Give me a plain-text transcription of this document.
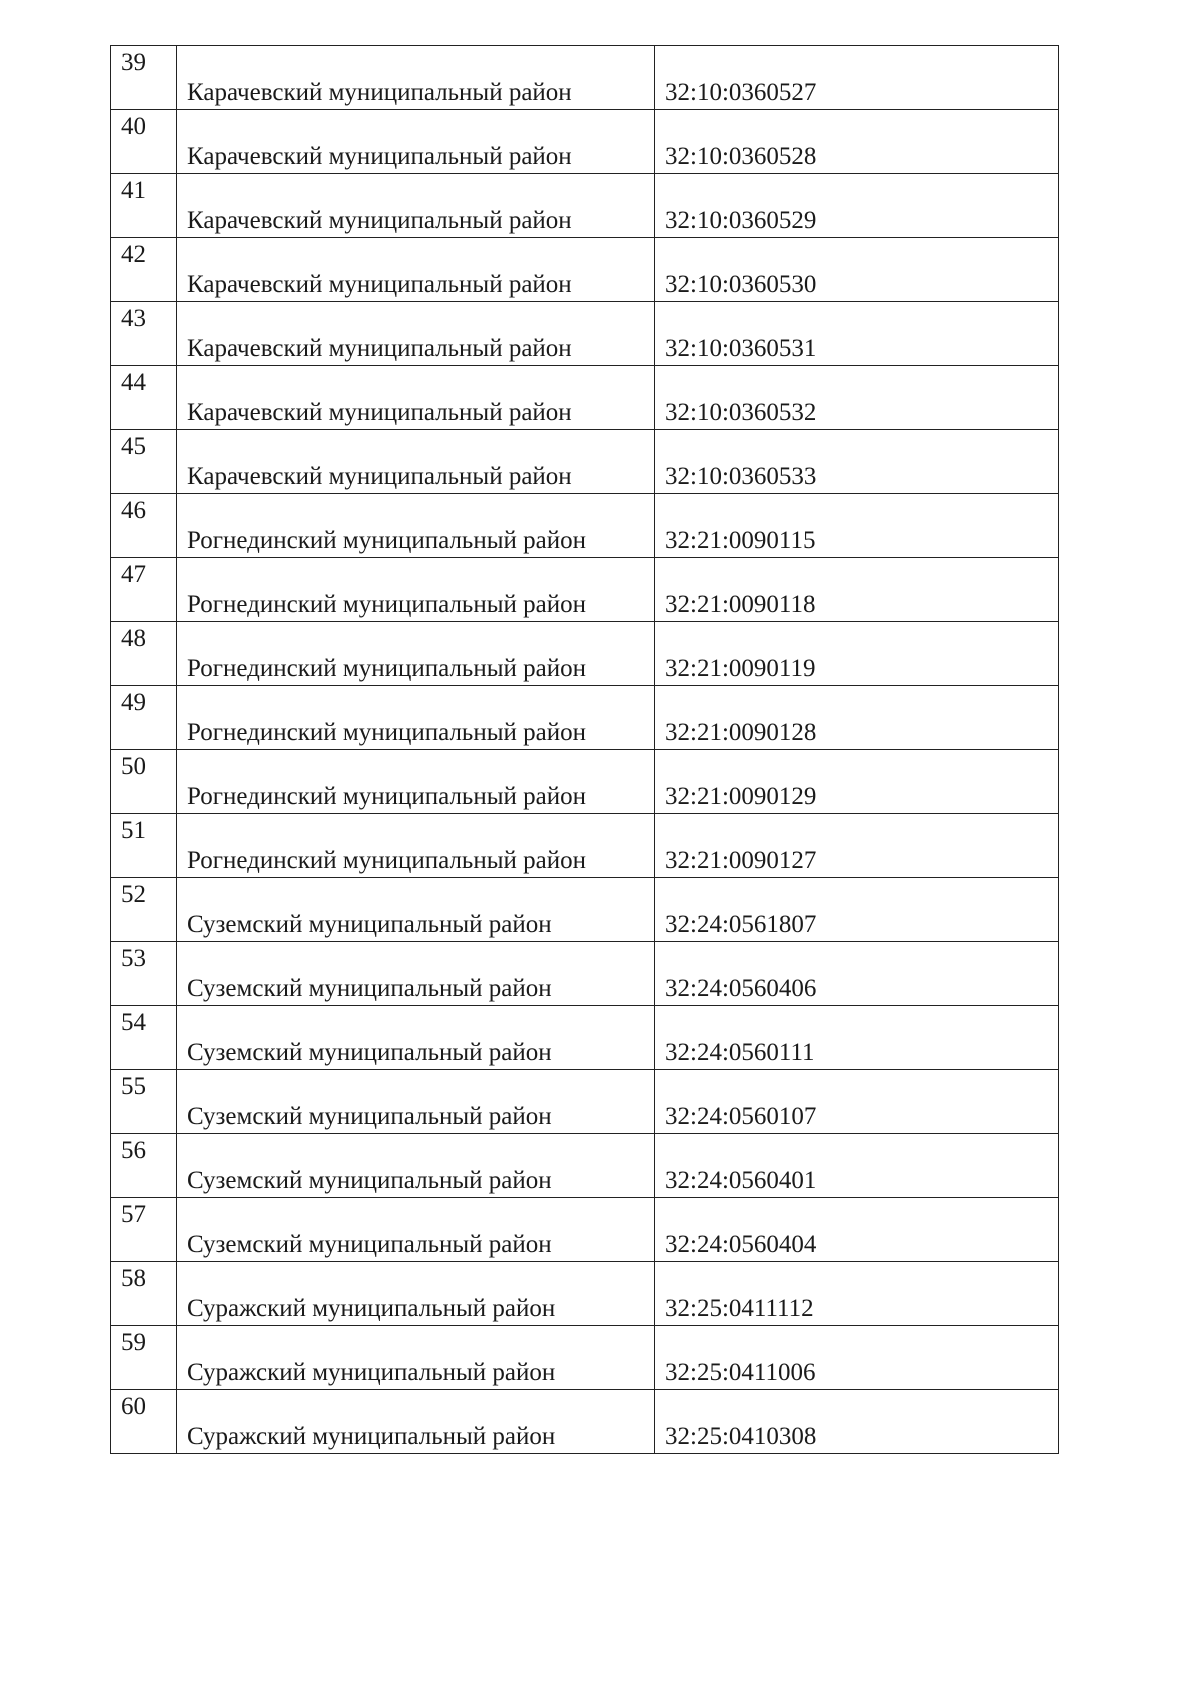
39	Карачевский муниципальный район	32:10:0360527

40	Карачевский муниципальный район	32:10:0360528

41	Карачевский муниципальный район	32:10:0360529

42	Карачевский муниципальный район	32:10:0360530

43	Карачевский муниципальный район	32:10:0360531

44	Карачевский муниципальный район	32:10:0360532

45	Карачевский муниципальный район	32:10:0360533

46	Рогнединский муниципальный район	32:21:0090115

47	Рогнединский муниципальный район	32:21:0090118

48	Рогнединский муниципальный район	32:21:0090119

49	Рогнединский муниципальный район	32:21:0090128

50	Рогнединский муниципальный район	32:21:0090129

51	Рогнединский муниципальный район	32:21:0090127

52	Суземский муниципальный район	32:24:0561807

53	Суземский муниципальный район	32:24:0560406

54	Суземский муниципальный район	32:24:0560111

55	Суземский муниципальный район	32:24:0560107

56	Суземский муниципальный район	32:24:0560401

57	Суземский муниципальный район	32:24:0560404

58	Суражский муниципальный район	32:25:0411112

59	Суражский муниципальный район	32:25:0411006

60	Суражский муниципальный район	32:25:0410308
